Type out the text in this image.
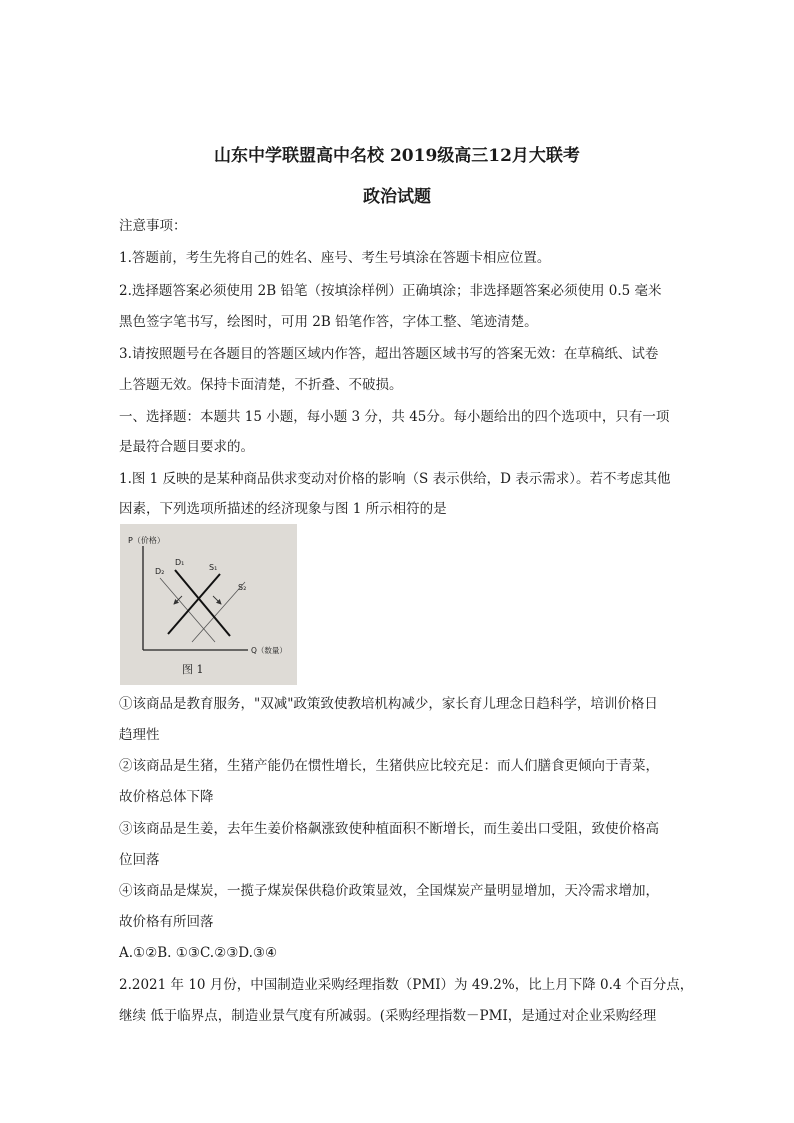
山东中学联盟高中名校 2019级高三12月大联考
政治试题
注意事项：
1.答题前，考生先将自己的姓名、座号、考生号填涂在答题卡相应位置。
2.选择题答案必须使用 2B 铅笔（按填涂样例）正确填涂；非选择题答案必须使用 0.5 毫米
黑色签字笔书写，绘图时，可用 2B 铅笔作答，字体工整、笔迹清楚。
3.请按照题号在各题目的答题区域内作答，超出答题区域书写的答案无效：在草稿纸、试卷
上答题无效。保持卡面清楚，不折叠、不破损。
一、选择题：本题共 15 小题，每小题 3 分，共 45分。每小题给出的四个选项中，只有一项
是最符合题目要求的。
1.图 1 反映的是某种商品供求变动对价格的影响（S 表示供给，D 表示需求）。若不考虑其他
因素，下列选项所描述的经济现象与图 1 所示相符的是
P（价格）
Q（数量）
D₁
D₂	S₁
S₂
图 1
①该商品是教育服务，"双减"政策致使教培机构减少，家长育儿理念日趋科学，培训价格日
趋理性
②该商品是生猪，生猪产能仍在惯性增长，生猪供应比较充足：而人们膳食更倾向于青菜，
故价格总体下降
③该商品是生姜，去年生姜价格飙涨致使种植面积不断增长，而生姜出口受阻，致使价格高
位回落
④该商品是煤炭，一揽子煤炭保供稳价政策显效，全国煤炭产量明显增加，天冷需求增加，
故价格有所回落
A.①②B. ①③C.②③D.③④
2.2021 年 10 月份，中国制造业采购经理指数（PMI）为 49.2%，比上月下降 0.4 个百分点，
继续 低于临界点，制造业景气度有所减弱。(采购经理指数－PMI，是通过对企业采购经理
